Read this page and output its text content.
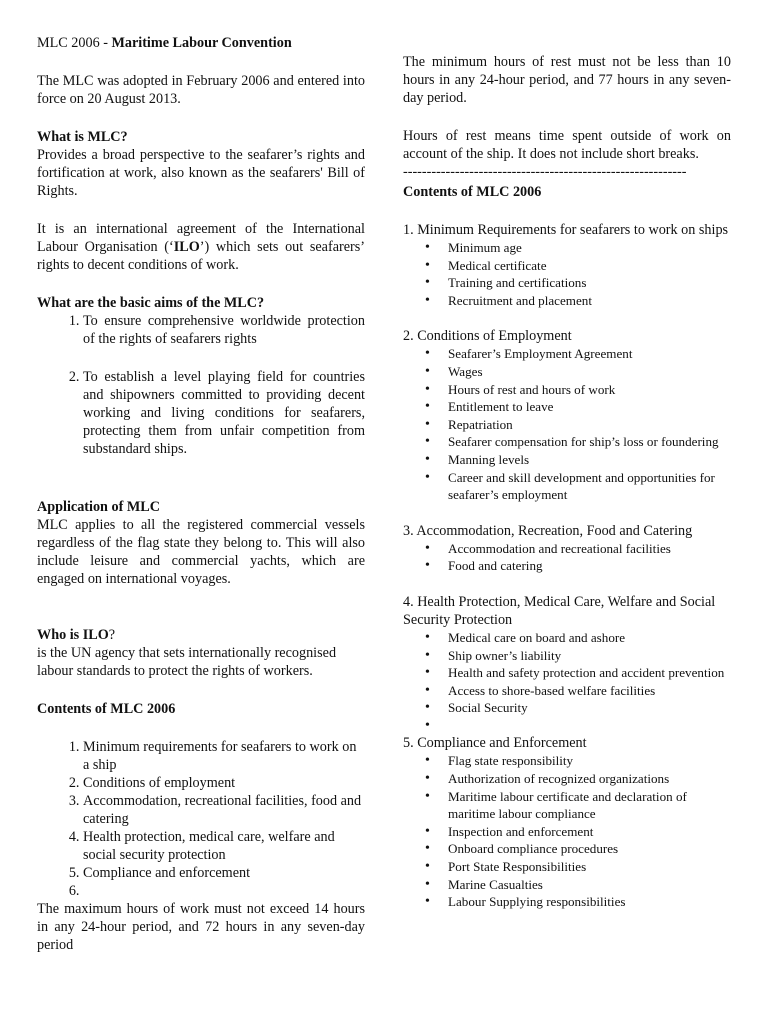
MLC 2006 - Maritime Labour Convention

The MLC was adopted in February 2006 and entered into force on 20 August 2013.

What is MLC?

Provides a broad perspective to the seafarer’s rights and fortification at work, also known as the seafarers' Bill of Rights.

It is an international agreement of the International Labour Organisation (‘ILO’) which sets out seafarers’ rights to decent conditions of work.

What are the basic aims of the MLC?

1. To ensure comprehensive worldwide protection of the rights of seafarers rights
2. To establish a level playing field for countries and shipowners committed to providing decent working and living conditions for seafarers, protecting them from unfair competition from substandard ships.

Application of MLC

MLC applies to all the registered commercial vessels regardless of the flag state they belong to. This will also include leisure and commercial yachts, which are engaged on international voyages.

Who is ILO?

is the UN agency that sets internationally recognised labour standards to protect the rights of workers.

Contents of MLC 2006

1. Minimum requirements for seafarers to work on a ship
2. Conditions of employment
3. Accommodation, recreational facilities, food and catering
4. Health protection, medical care, welfare and social security protection
5. Compliance and enforcement
6.

The maximum hours of work must not exceed 14 hours in any 24-hour period, and 72 hours in any seven-day period

The minimum hours of rest must not be less than 10 hours in any 24-hour period, and 77 hours in any seven-day period.

Hours of rest means time spent outside of work on account of the ship. It does not include short breaks.

------------------------------------------------------------

Contents of MLC 2006

1. Minimum Requirements for seafarers to work on ships

• Minimum age
• Medical certificate
• Training and certifications
• Recruitment and placement

2. Conditions of Employment

• Seafarer’s Employment Agreement
• Wages
• Hours of rest and hours of work
• Entitlement to leave
• Repatriation
• Seafarer compensation for ship’s loss or foundering
• Manning levels
• Career and skill development and opportunities for seafarer’s employment

3. Accommodation, Recreation, Food and Catering

• Accommodation and recreational facilities
• Food and catering

4. Health Protection, Medical Care, Welfare and Social Security Protection

• Medical care on board and ashore
• Ship owner’s liability
• Health and safety protection and accident prevention
• Access to shore-based welfare facilities
• Social Security
•

5. Compliance and Enforcement

• Flag state responsibility
• Authorization of recognized organizations
• Maritime labour certificate and declaration of maritime labour compliance
• Inspection and enforcement
• Onboard compliance procedures
• Port State Responsibilities
• Marine Casualties
• Labour Supplying responsibilities
